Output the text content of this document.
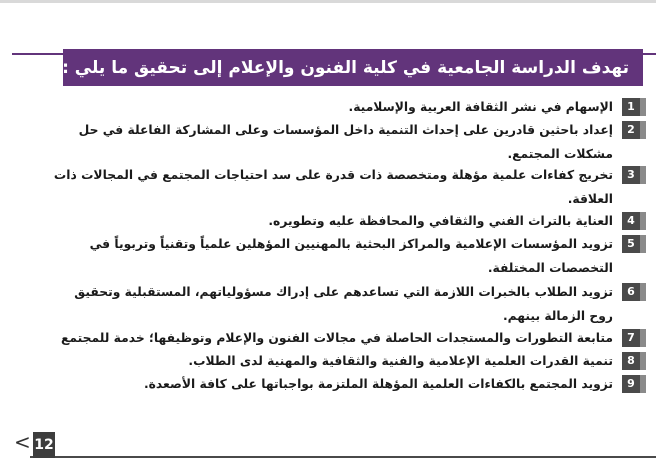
تهدف الدراسة الجامعية في كلية الفنون والإعلام إلى تحقيق ما يلي :
1
الإسهام في نشر الثقافة العربية والإسلامية.
2
إعداد باحثين قادرين على إحداث التنمية داخل المؤسسات وعلى المشاركة الفاعلة في حل مشكلات المجتمع.
3
تخريج كفاءات علمية مؤهلة ومتخصصة ذات قدرة على سد احتياجات المجتمع في المجالات ذات العلاقة.
4
العناية بالتراث الفني والثقافي والمحافظة عليه وتطويره.
5
تزويد المؤسسات الإعلامية والمراكز البحثية بالمهنيين المؤهلين علمياً وتقنياً وتربوياً في التخصصات المختلفة.
6
تزويد الطلاب بالخبرات اللازمة التي تساعدهم على إدراك مسؤولياتهم، المستقبلية وتحقيق روح الزمالة بينهم.
7
متابعة التطورات والمستجدات الحاصلة في مجالات الفنون والإعلام وتوظيفها؛ خدمة للمجتمع
8
تنمية القدرات العلمية الإعلامية والفنية والثقافية والمهنية لدى الطلاب.
9
تزويد المجتمع بالكفاءات العلمية المؤهلة الملتزمة بواجباتها على كافة الأصعدة.
< 12
